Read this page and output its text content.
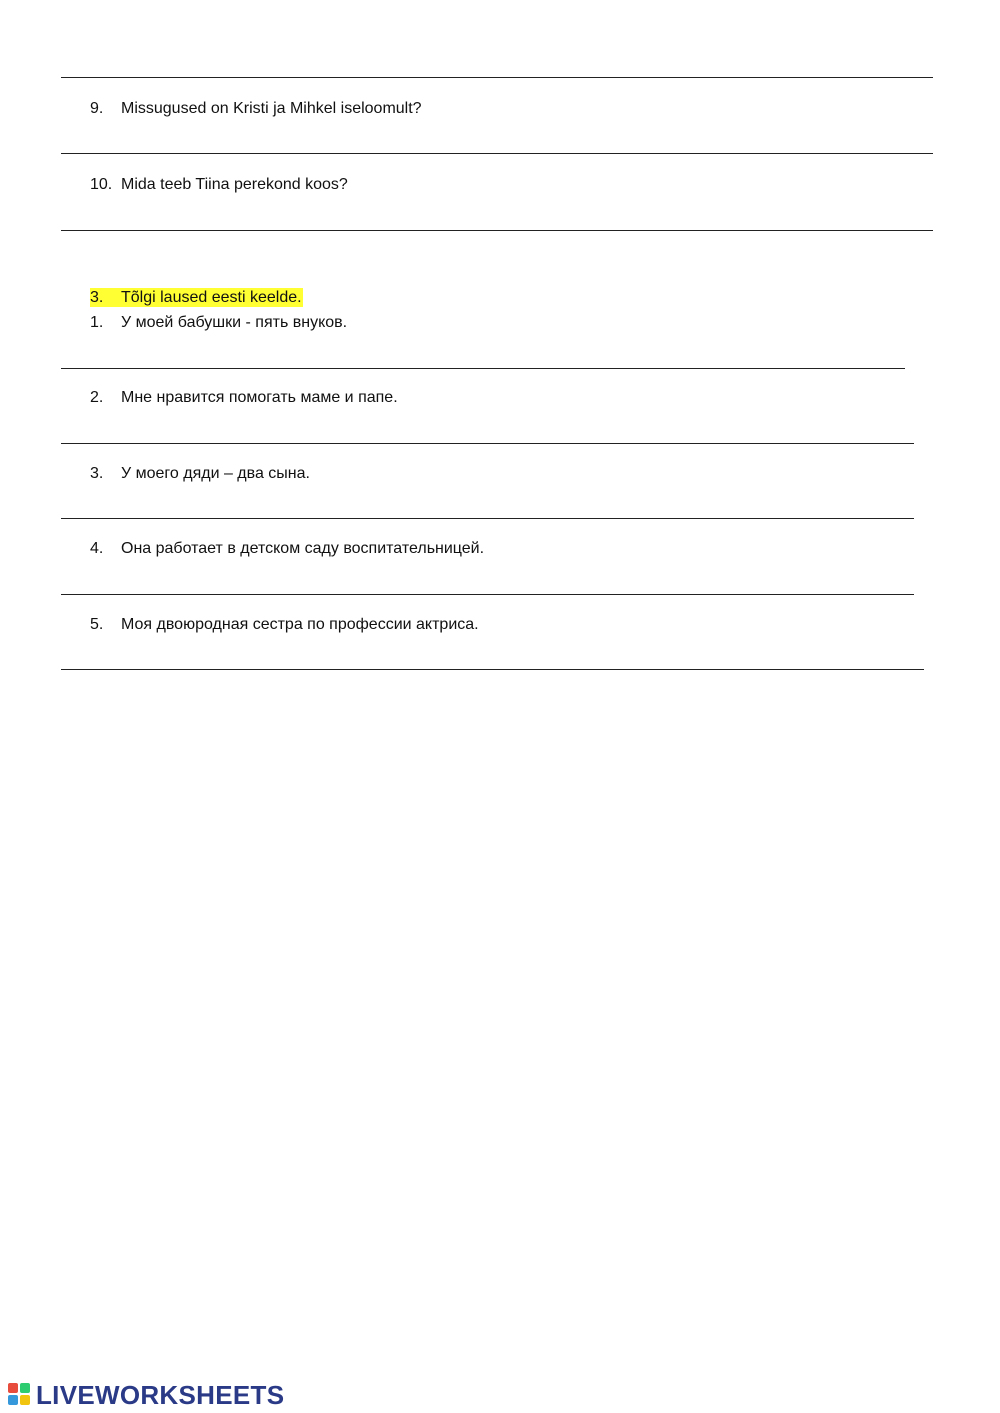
9. Missugused on Kristi ja Mihkel iseloomult?
10. Mida teeb Tiina perekond koos?
3. Tõlgi laused eesti keelde.
1. У моей бабушки - пять внуков.
2. Мне нравится помогать маме и папе.
3. У моего дяди – два сына.
4. Она работает в детском саду воспитательницей.
5. Моя двоюродная сестра по профессии актриса.
LIVEWORKSHEETS
